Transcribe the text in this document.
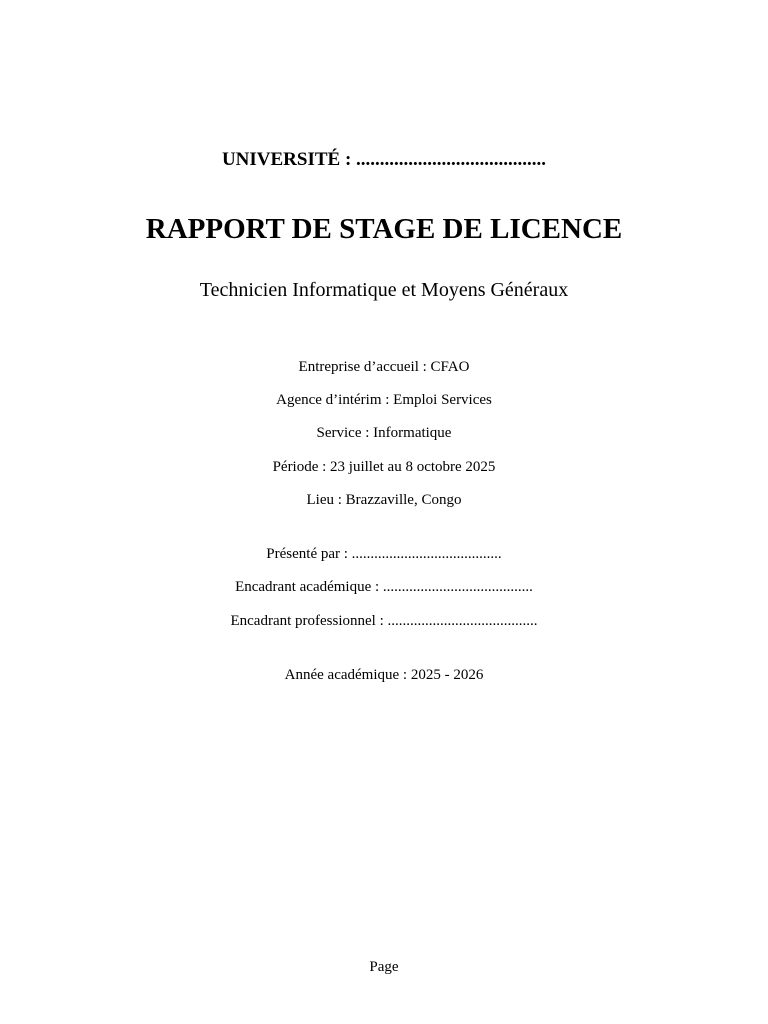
UNIVERSITÉ : ........................................
RAPPORT DE STAGE DE LICENCE
Technicien Informatique et Moyens Généraux
Entreprise d’accueil : CFAO
Agence d’intérim : Emploi Services
Service : Informatique
Période : 23 juillet au 8 octobre 2025
Lieu : Brazzaville, Congo
Présenté par : ........................................
Encadrant académique : ........................................
Encadrant professionnel : ........................................
Année académique : 2025 - 2026
Page
